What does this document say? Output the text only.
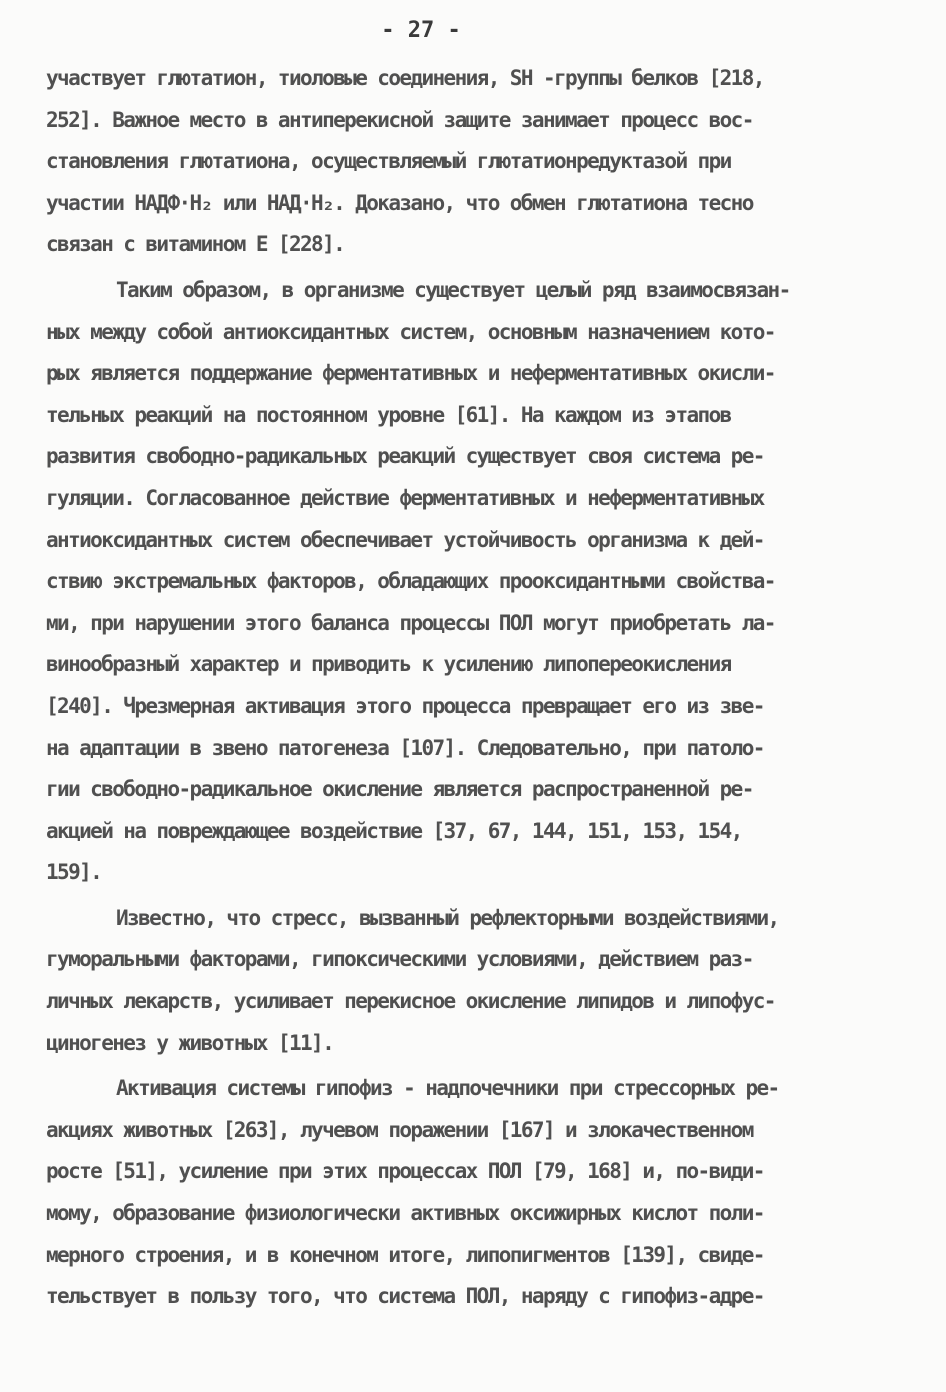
- 27 -
участвует глютатион, тиоловые соединения, SH -группы белков [218,
252]. Важное место в антиперекисной защите занимает процесс вос-
становления глютатиона, осуществляемый глютатионредуктазой при
участии НАДФ·Н₂ или НАД·Н₂. Доказано, что обмен глютатиона тесно
связан с витамином Е [228].
Таким образом, в организме существует целый ряд взаимосвязан-
ных между собой антиоксидантных систем, основным назначением кото-
рых является поддержание ферментативных и неферментативных окисли-
тельных реакций на постоянном уровне [61]. На каждом из этапов
развития свободно-радикальных реакций существует своя система ре-
гуляции. Согласованное действие ферментативных и неферментативных
антиоксидантных систем обеспечивает устойчивость организма к дей-
ствию экстремальных факторов, обладающих прооксидантными свойства-
ми, при нарушении этого баланса процессы ПОЛ могут приобретать ла-
винообразный характер и приводить к усилению липопереокисления
[240]. Чрезмерная активация этого процесса превращает его из зве-
на адаптации в звено патогенеза [107]. Следовательно, при патоло-
гии свободно-радикальное окисление является распространенной ре-
акцией на повреждающее воздействие [37, 67, 144, 151, 153, 154,
159].
Известно, что стресс, вызванный рефлекторными воздействиями,
гуморальными факторами, гипоксическими условиями, действием раз-
личных лекарств, усиливает перекисное окисление липидов и липофус-
циногенез у животных [11].
Активация системы гипофиз - надпочечники при стрессорных ре-
акциях животных [263], лучевом поражении [167] и злокачественном
росте [51], усиление при этих процессах ПОЛ [79, 168] и, по-види-
мому, образование физиологически активных оксижирных кислот поли-
мерного строения, и в конечном итоге, липопигментов [139], свиде-
тельствует в пользу того, что система ПОЛ, наряду с гипофиз-адре-
